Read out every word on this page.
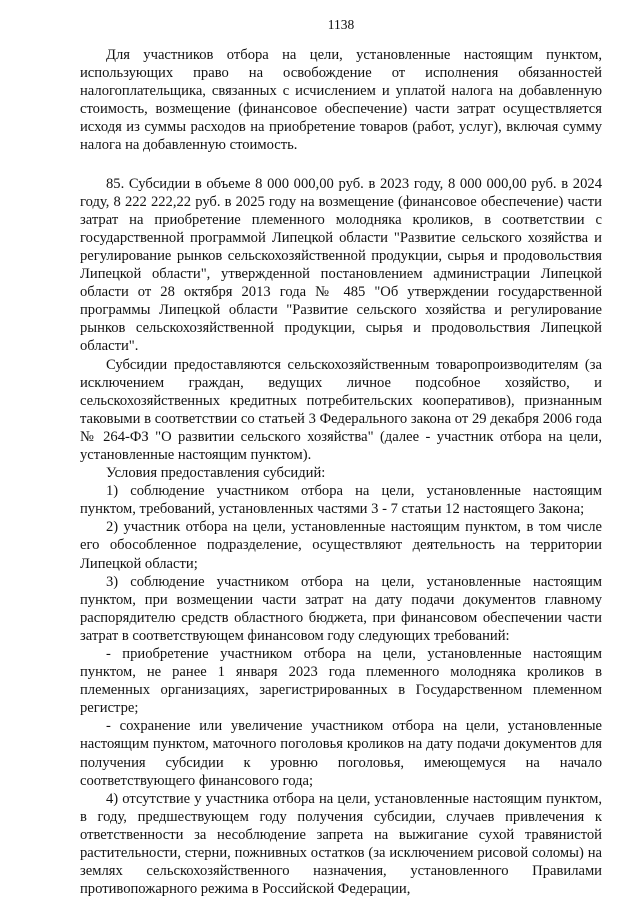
1138

Для участников отбора на цели, установленные настоящим пунктом, использующих право на освобождение от исполнения обязанностей налогоплательщика, связанных с исчислением и уплатой налога на добавленную стоимость, возмещение (финансовое обеспечение) части затрат осуществляется исходя из суммы расходов на приобретение товаров (работ, услуг), включая сумму налога на добавленную стоимость.

85. Субсидии в объеме 8 000 000,00 руб. в 2023 году, 8 000 000,00 руб. в 2024 году, 8 222 222,22 руб. в 2025 году на возмещение (финансовое обеспечение) части затрат на приобретение племенного молодняка кроликов, в соответствии с государственной программой Липецкой области "Развитие сельского хозяйства и регулирование рынков сельскохозяйственной продукции, сырья и продовольствия Липецкой области", утвержденной постановлением администрации Липецкой области от 28 октября 2013 года № 485 "Об утверждении государственной программы Липецкой области "Развитие сельского хозяйства и регулирование рынков сельскохозяйственной продукции, сырья и продовольствия Липецкой области".

Субсидии предоставляются сельскохозяйственным товаропроизводителям (за исключением граждан, ведущих личное подсобное хозяйство, и сельскохозяйственных кредитных потребительских кооперативов), признанным таковыми в соответствии со статьей 3 Федерального закона от 29 декабря 2006 года № 264-ФЗ "О развитии сельского хозяйства" (далее - участник отбора на цели, установленные настоящим пунктом).

Условия предоставления субсидий:

1) соблюдение участником отбора на цели, установленные настоящим пунктом, требований, установленных частями 3 - 7 статьи 12 настоящего Закона;

2) участник отбора на цели, установленные настоящим пунктом, в том числе его обособленное подразделение, осуществляют деятельность на территории Липецкой области;

3) соблюдение участником отбора на цели, установленные настоящим пунктом, при возмещении части затрат на дату подачи документов главному распорядителю средств областного бюджета, при финансовом обеспечении части затрат в соответствующем финансовом году следующих требований:

- приобретение участником отбора на цели, установленные настоящим пунктом, не ранее 1 января 2023 года племенного молодняка кроликов в племенных организациях, зарегистрированных в Государственном племенном регистре;

- сохранение или увеличение участником отбора на цели, установленные настоящим пунктом, маточного поголовья кроликов на дату подачи документов для получения субсидии к уровню поголовья, имеющемуся на начало соответствующего финансового года;

4) отсутствие у участника отбора на цели, установленные настоящим пунктом, в году, предшествующем году получения субсидии, случаев привлечения к ответственности за несоблюдение запрета на выжигание сухой травянистой растительности, стерни, пожнивных остатков (за исключением рисовой соломы) на землях сельскохозяйственного назначения, установленного Правилами противопожарного режима в Российской Федерации,
